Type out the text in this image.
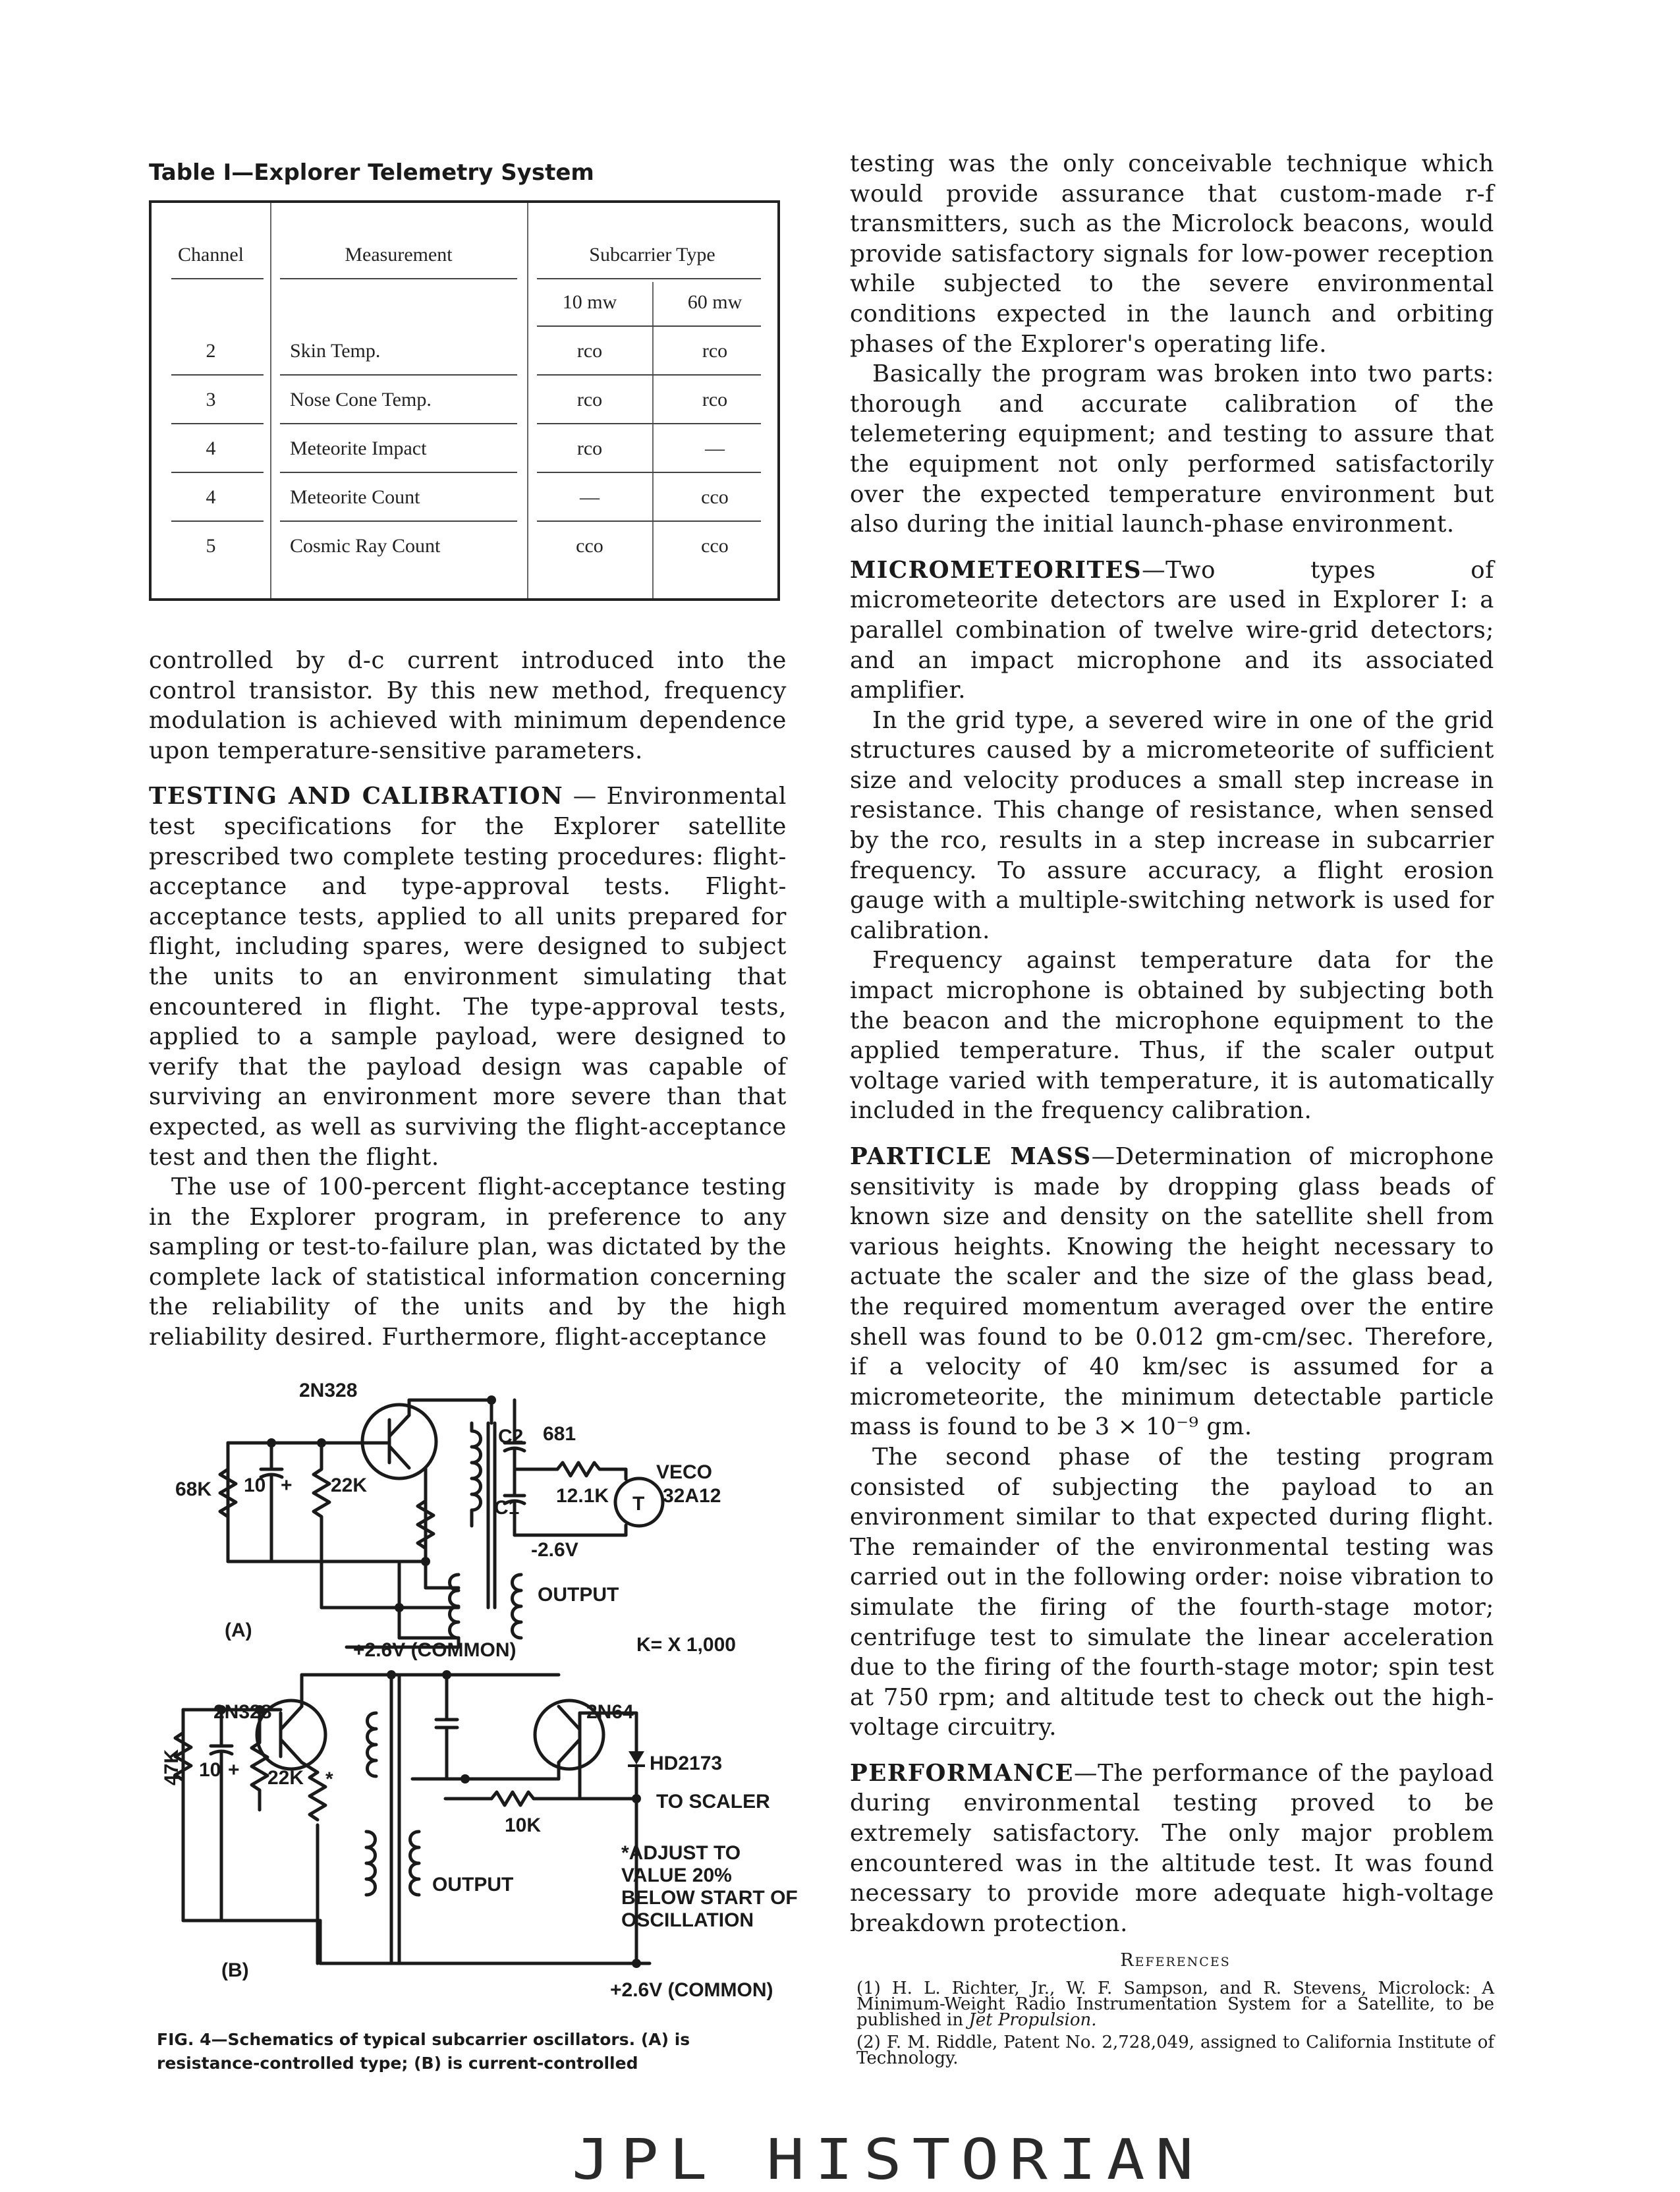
Table I—Explorer Telemetry System
Channel	Measurement	Subcarrier Type
10 mw	60 mw
2	Skin Temp.	rco	rco
3	Nose Cone Temp.	rco	rco
4	Meteorite Impact	rco	—
4	Meteorite Count	—	cco
5	Cosmic Ray Count	cco	cco

controlled by d-c current introduced into the control transistor. By this new method, frequency modulation is achieved with minimum dependence upon temperature-sensitive parameters.

TESTING AND CALIBRATION — Environmental test specifications for the Explorer satellite prescribed two complete testing procedures: flight-acceptance and type-approval tests. Flight-acceptance tests, applied to all units prepared for flight, including spares, were designed to subject the units to an environment simulating that encountered in flight. The type-approval tests, applied to a sample payload, were designed to verify that the payload design was capable of surviving an environment more severe than that expected, as well as surviving the flight-acceptance test and then the flight.

The use of 100-percent flight-acceptance testing in the Explorer program, in preference to any sampling or test-to-failure plan, was dictated by the complete lack of statistical information concerning the reliability of the units and by the high reliability desired. Furthermore, flight-acceptance

testing was the only conceivable technique which would provide assurance that custom-made r-f transmitters, such as the Microlock beacons, would provide satisfactory signals for low-power reception while subjected to the severe environmental conditions expected in the launch and orbiting phases of the Explorer's operating life.

Basically the program was broken into two parts: thorough and accurate calibration of the telemetering equipment; and testing to assure that the equipment not only performed satisfactorily over the expected temperature environment but also during the initial launch-phase environment.

MICROMETEORITES—Two types of micrometeorite detectors are used in Explorer I: a parallel combination of twelve wire-grid detectors; and an impact microphone and its associated amplifier.

In the grid type, a severed wire in one of the grid structures caused by a micrometeorite of sufficient size and velocity produces a small step increase in resistance. This change of resistance, when sensed by the rco, results in a step increase in subcarrier frequency. To assure accuracy, a flight erosion gauge with a multiple-switching network is used for calibration.

Frequency against temperature data for the impact microphone is obtained by subjecting both the beacon and the microphone equipment to the applied temperature. Thus, if the scaler output voltage varied with temperature, it is automatically included in the frequency calibration.

PARTICLE MASS—Determination of microphone sensitivity is made by dropping glass beads of known size and density on the satellite shell from various heights. Knowing the height necessary to actuate the scaler and the size of the glass bead, the required momentum averaged over the entire shell was found to be 0.012 gm-cm/sec. Therefore, if a velocity of 40 km/sec is assumed for a micrometeorite, the minimum detectable particle mass is found to be 3 × 10⁻⁹ gm.

The second phase of the testing program consisted of subjecting the payload to an environment similar to that expected during flight. The remainder of the environmental testing was carried out in the following order: noise vibration to simulate the firing of the fourth-stage motor; centrifuge test to simulate the linear acceleration due to the firing of the fourth-stage motor; spin test at 750 rpm; and altitude test to check out the high-voltage circuitry.

PERFORMANCE—The performance of the payload during environmental testing proved to be extremely satisfactory. The only major problem encountered was in the altitude test. It was found necessary to provide more adequate high-voltage breakdown protection.

2N328
68K 10 + 22K
C2
C1
681
12.1K
VECO
32A12
T
-2.6V
OUTPUT
(A)
+2.6V (COMMON)	K= X 1,000
2N328	2N64
47K 10 + 22K *
HD2173
10K
TO SCALER
OUTPUT
*ADJUST TO
VALUE 20%
BELOW START OF
OSCILLATION
(B)
+2.6V (COMMON)
FIG. 4—Schematics of typical subcarrier oscillators. (A) is resistance-controlled type; (B) is current-controlled
References
(1) H. L. Richter, Jr., W. F. Sampson, and R. Stevens, Microlock: A Minimum-Weight Radio Instrumentation System for a Satellite, to be published in Jet Propulsion.
(2) F. M. Riddle, Patent No. 2,728,049, assigned to California Institute of Technology.
JPL HISTORIAN
